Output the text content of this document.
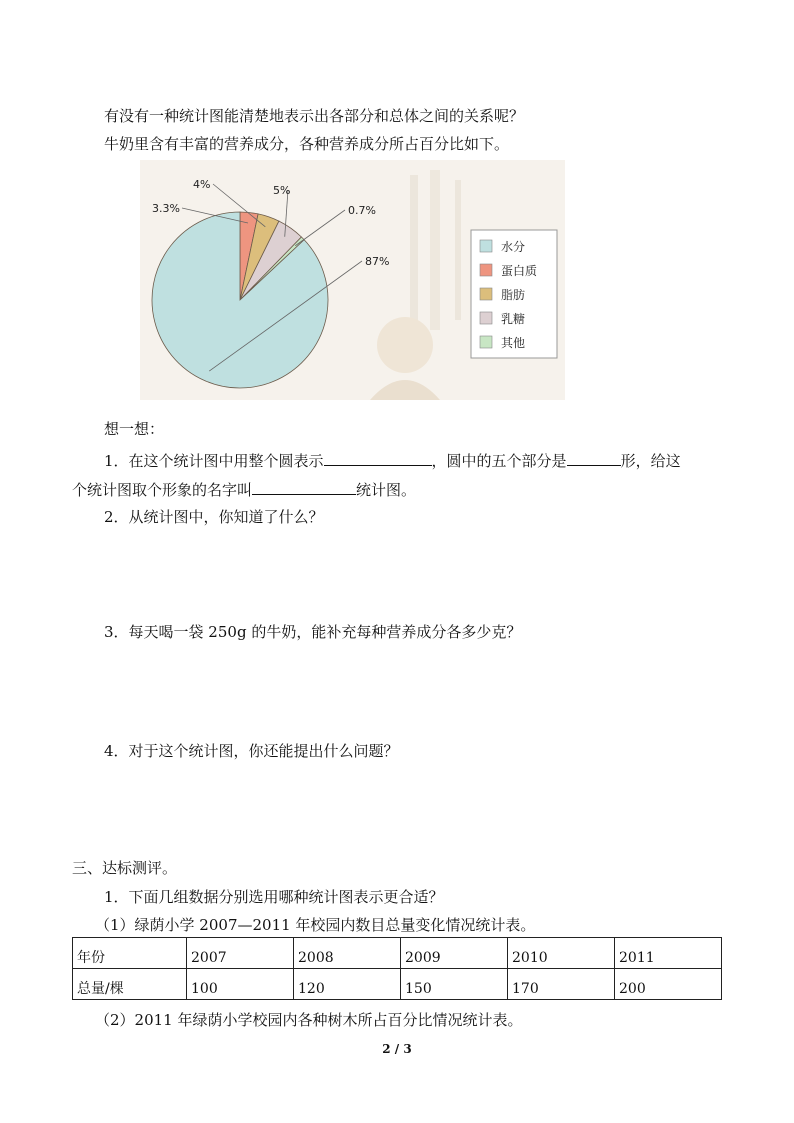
有没有一种统计图能清楚地表示出各部分和总体之间的关系呢？
牛奶里含有丰富的营养成分，各种营养成分所占百分比如下。
3.3%
4%	5%
0.7%
87%
水分
蛋白质
脂肪
乳糖
其他
想一想：
1．在这个统计图中用整个圆表示	，圆中的五个部分是	形，给这
个统计图取个形象的名字叫	统计图。
2．从统计图中，你知道了什么？
3．每天喝一袋 250g 的牛奶，能补充每种营养成分各多少克？
4．对于这个统计图，你还能提出什么问题？
三、达标测评。
1．下面几组数据分别选用哪种统计图表示更合适？
（1）绿荫小学 2007—2011 年校园内数目总量变化情况统计表。
年份	2007	2008	2009	2010	2011
总量/棵	100	120	150	170	200
（2）2011 年绿荫小学校园内各种树木所占百分比情况统计表。
2 / 3
